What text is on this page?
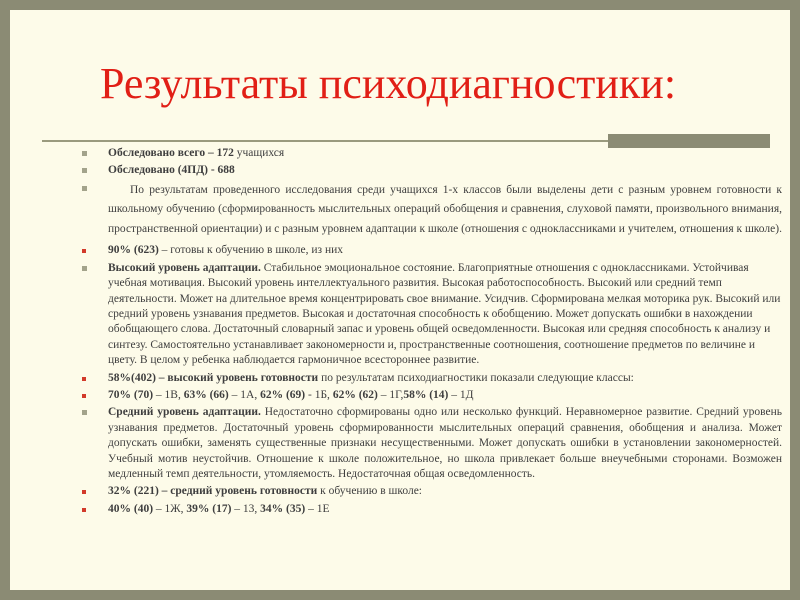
Результаты психодиагностики:
Обследовано всего – 172 учащихся
Обследовано (4ПД) - 688
По результатам проведенного исследования среди учащихся 1-х классов были выделены дети с разным уровнем готовности к школьному обучению (сформированность мыслительных операций обобщения и сравнения, слуховой памяти, произвольного внимания, пространственной ориентации) и с разным уровнем адаптации к школе (отношения с одноклассниками и учителем, отношения к школе).
90% (623) – готовы к обучению в школе, из них
Высокий уровень адаптации. Стабильное эмоциональное состояние. Благоприятные отношения с одноклассниками. Устойчивая учебная мотивация. Высокий уровень интеллектуального развития. Высокая работоспособность. Высокий или средний темп деятельности. Может на длительное время концентрировать свое внимание. Усидчив. Сформирована мелкая моторика рук. Высокий или средний уровень узнавания предметов. Высокая и достаточная способность к обобщению. Может допускать ошибки в нахождении обобщающего слова. Достаточный словарный запас и уровень общей осведомленности. Высокая или средняя способность к анализу и синтезу. Самостоятельно устанавливает закономерности и, пространственные соотношения, соотношение предметов по величине и цвету. В целом у ребенка наблюдается гармоничное всестороннее развитие.
58%(402) – высокий уровень готовности по результатам психодиагностики показали следующие классы:
70% (70) – 1В, 63% (66) – 1А, 62% (69) - 1Б, 62% (62) – 1Г,58% (14) – 1Д
Средний уровень адаптации. Недостаточно сформированы одно или несколько функций. Неравномерное развитие. Средний уровень узнавания предметов. Достаточный уровень сформированности мыслительных операций сравнения, обобщения и анализа. Может допускать ошибки, заменять существенные признаки несущественными. Может допускать ошибки в установлении закономерностей. Учебный мотив неустойчив. Отношение к школе положительное, но школа привлекает больше внеучебными сторонами. Возможен медленный темп деятельности, утомляемость. Недостаточная общая осведомленность.
32% (221) – средний уровень готовности к обучению в школе:
40% (40) – 1Ж, 39% (17) – 13, 34% (35) – 1Е
